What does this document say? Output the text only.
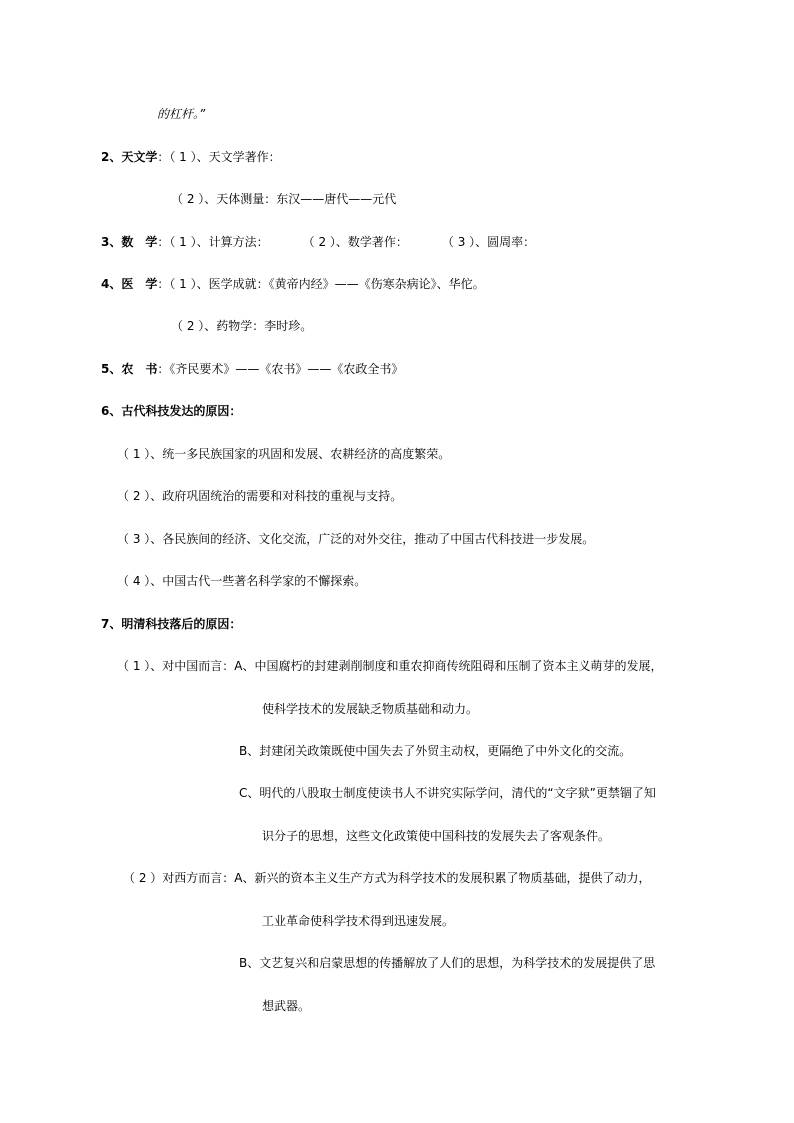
的杠杆。”
2、天文学：（ 1 ）、天文学著作：
（ 2 ）、天体测量：东汉——唐代——元代
3、数　学：（ 1 ）、计算方法：	（ 2 ）、数学著作：	（ 3 ）、圆周率：
4、医　学：（ 1 ）、医学成就：《黄帝内经》——《伤寒杂病论》、华佗。
（ 2 ）、药物学：李时珍。
5、农　书：《齐民要术》——《农书》——《农政全书》
6、古代科技发达的原因：
（ 1 ）、统一多民族国家的巩固和发展、农耕经济的高度繁荣。
（ 2 ）、政府巩固统治的需要和对科技的重视与支持。
（ 3 ）、各民族间的经济、文化交流，广泛的对外交往，推动了中国古代科技进一步发展。
（ 4 ）、中国古代一些著名科学家的不懈探索。
7、明清科技落后的原因：
（ 1 ）、对中国而言：A、中国腐朽的封建剥削制度和重农抑商传统阻碍和压制了资本主义萌芽的发展，
使科学技术的发展缺乏物质基础和动力。
B、封建闭关政策既使中国失去了外贸主动权，更隔绝了中外文化的交流。
C、明代的八股取士制度使读书人不讲究实际学问，清代的“文字狱”更禁锢了知
识分子的思想，这些文化政策使中国科技的发展失去了客观条件。
（ 2 ）对西方而言：A、新兴的资本主义生产方式为科学技术的发展积累了物质基础，提供了动力，
工业革命使科学技术得到迅速发展。
B、文艺复兴和启蒙思想的传播解放了人们的思想，为科学技术的发展提供了思
想武器。
